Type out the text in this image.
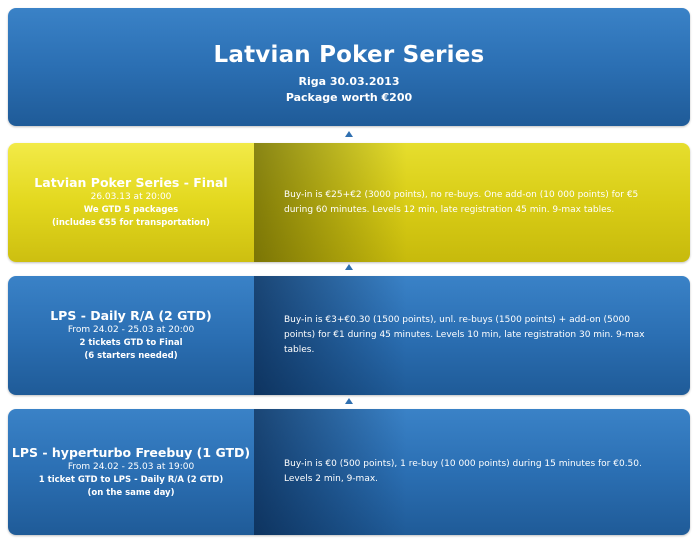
Latvian Poker Series
Riga 30.03.2013
Package worth €200
Latvian Poker Series - Final
26.03.13 at 20:00
We GTD 5 packages
(includes €55 for transportation)
Buy-in is €25+€2 (3000 points), no re-buys. One add-on (10 000 points) for €5 during 60 minutes. Levels 12 min, late registration 45 min. 9-max tables.
LPS - Daily R/A (2 GTD)
From 24.02 - 25.03 at 20:00
2 tickets GTD to Final
(6 starters needed)
Buy-in is €3+€0.30 (1500 points), unl. re-buys (1500 points) + add-on (5000 points) for €1 during 45 minutes. Levels 10 min, late registration 30 min. 9-max tables.
LPS - hyperturbo Freebuy (1 GTD)
From 24.02 - 25.03 at 19:00
1 ticket GTD to LPS - Daily R/A (2 GTD)
(on the same day)
Buy-in is €0 (500 points), 1 re-buy (10 000 points) during 15 minutes for €0.50. Levels 2 min, 9-max.
